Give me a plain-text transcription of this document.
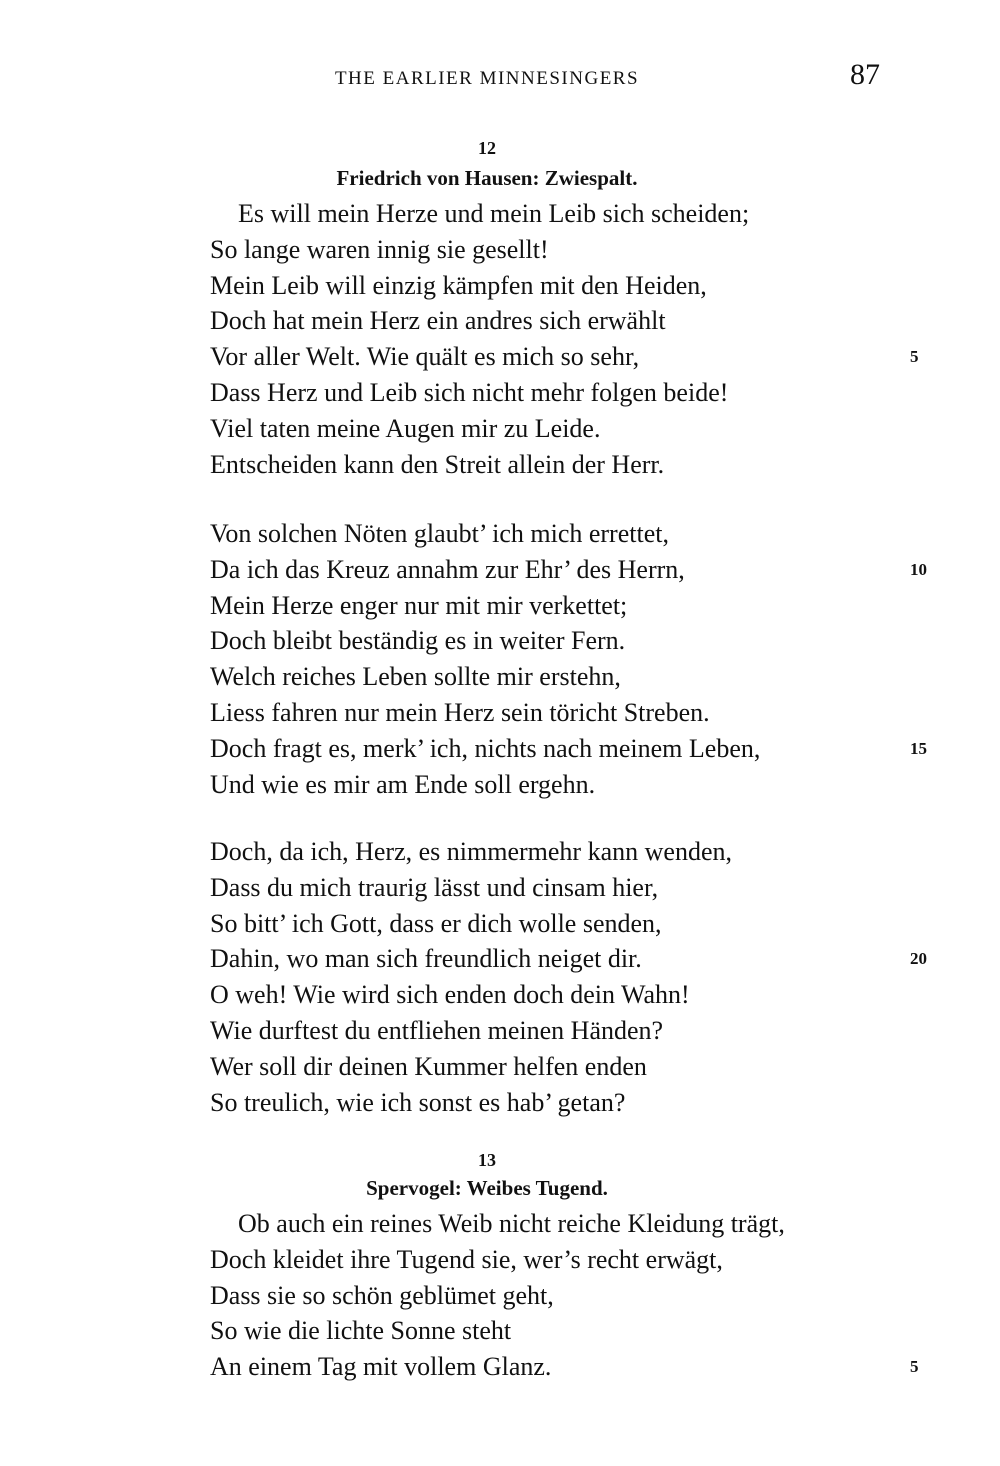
THE EARLIER MINNESINGERS	87
12
Friedrich von Hausen: Zwiespalt.
Es will mein Herze und mein Leib sich scheiden;
So lange waren innig sie gesellt!
Mein Leib will einzig kämpfen mit den Heiden,
Doch hat mein Herz ein andres sich erwählt
Vor aller Welt. Wie quält es mich so sehr,	5
Dass Herz und Leib sich nicht mehr folgen beide!
Viel taten meine Augen mir zu Leide.
Entscheiden kann den Streit allein der Herr.
Von solchen Nöten glaubt’ ich mich errettet,
Da ich das Kreuz annahm zur Ehr’ des Herrn,	10
Mein Herze enger nur mit mir verkettet;
Doch bleibt beständig es in weiter Fern.
Welch reiches Leben sollte mir erstehn,
Liess fahren nur mein Herz sein töricht Streben.
Doch fragt es, merk’ ich, nichts nach meinem Leben,	15
Und wie es mir am Ende soll ergehn.
Doch, da ich, Herz, es nimmermehr kann wenden,
Dass du mich traurig lässt und cinsam hier,
So bitt’ ich Gott, dass er dich wolle senden,
Dahin, wo man sich freundlich neiget dir.	20
O weh! Wie wird sich enden doch dein Wahn!
Wie durftest du entfliehen meinen Händen?
Wer soll dir deinen Kummer helfen enden
So treulich, wie ich sonst es hab’ getan?
13
Spervogel: Weibes Tugend.
Ob auch ein reines Weib nicht reiche Kleidung trägt,
Doch kleidet ihre Tugend sie, wer’s recht erwägt,
Dass sie so schön geblümet geht,
So wie die lichte Sonne steht
An einem Tag mit vollem Glanz.	5
